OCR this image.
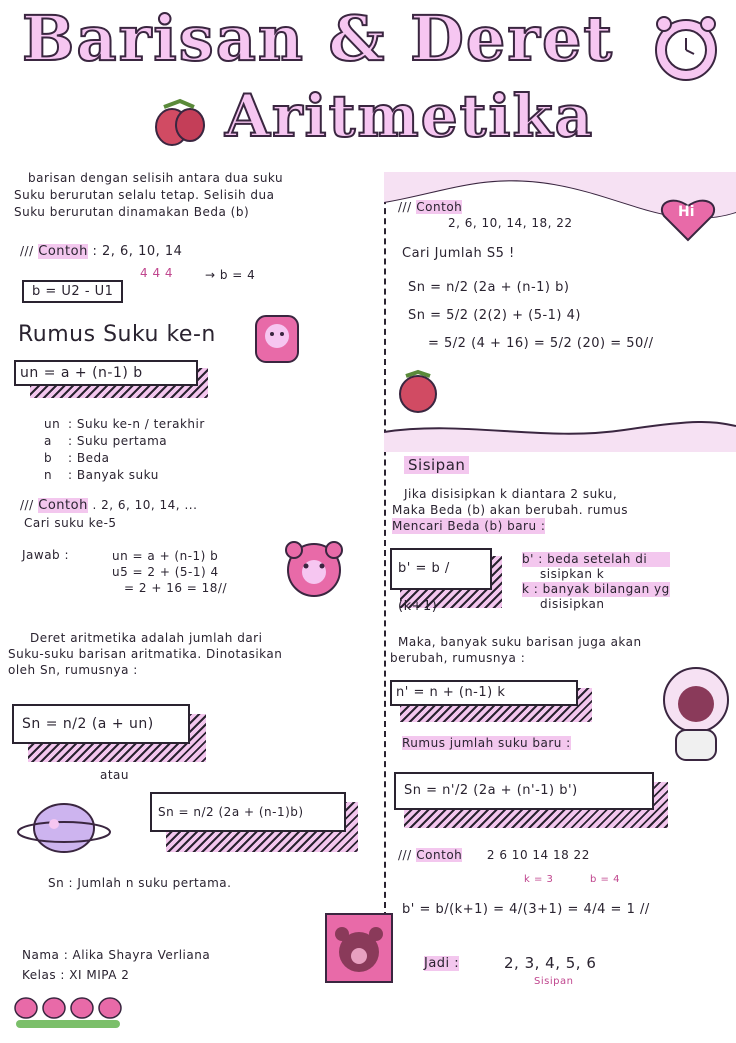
Barisan & Deret
Aritmetika
barisan dengan selisih antara dua suku
Suku berurutan selalu tetap. Selisih dua
Suku berurutan dinamakan Beda (b)
/// Contoh : 2, 6, 10, 14
4 4 4	→ b = 4
b = U2 - U1
Rumus Suku ke-n
un = a + (n-1) b
un : Suku ke-n / terakhir
a : Suku pertama
b : Beda
n : Banyak suku
/// Contoh . 2, 6, 10, 14, ...
Cari suku ke-5
Jawab :	un = a + (n-1) b
u5 = 2 + (5-1) 4
= 2 + 16 = 18//
Deret aritmetika adalah jumlah dari
Suku-suku barisan aritmatika. Dinotasikan
oleh Sn, rumusnya :
Sn = n/2 (a + un)
atau
Sn = n/2 (2a + (n-1)b)
Sn : Jumlah n suku pertama.
Nama : Alika Shayra Verliana
Kelas : XI MIPA 2
Hi
/// Contoh
2, 6, 10, 14, 18, 22
Cari Jumlah S5 !
Sn = n/2 (2a + (n-1) b)
Sn = 5/2 (2(2) + (5-1) 4)
= 5/2 (4 + 16) = 5/2 (20) = 50//
Sisipan
Jika disisipkan k diantara 2 suku,
Maka Beda (b) akan berubah. rumus
Mencari Beda (b) baru :
b' = b / (k+1)
b' : beda setelah di
sisipkan k
k : banyak bilangan yg
disisipkan
Maka, banyak suku barisan juga akan
berubah, rumusnya :
n' = n + (n-1) k
Rumus jumlah suku baru :
Sn = n'/2 (2a + (n'-1) b')
/// Contoh 2 6 10 14 18 22
k = 3	b = 4
b' = b/(k+1) = 4/(3+1) = 4/4 = 1 //
Jadi :	2, 3, 4, 5, 6
Sisipan
